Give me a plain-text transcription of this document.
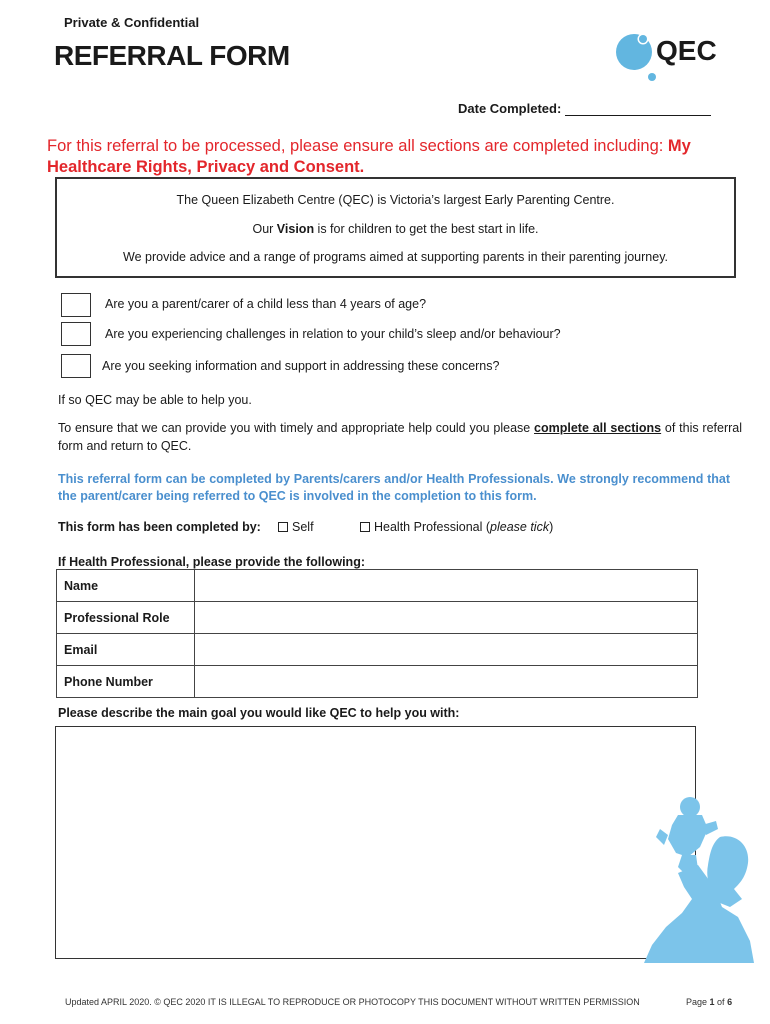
Private & Confidential
REFERRAL FORM	QEC
Date Completed:
For this referral to be processed, please ensure all sections are completed including: My Healthcare Rights, Privacy and Consent.

The Queen Elizabeth Centre (QEC) is Victoria’s largest Early Parenting Centre.

Our Vision is for children to get the best start in life.

We provide advice and a range of programs aimed at supporting parents in their parenting journey.

Are you a parent/carer of a child less than 4 years of age?
Are you experiencing challenges in relation to your child’s sleep and/or behaviour?
Are you seeking information and support in addressing these concerns?
If so QEC may be able to help you.
To ensure that we can provide you with timely and appropriate help could you please complete all sections of this referral form and return to QEC.
This referral form can be completed by Parents/carers and/or Health Professionals. We strongly recommend that the parent/carer being referred to QEC is involved in the completion to this form.
This form has been completed by:	Self	Health Professional (please tick)
If Health Professional, please provide the following:
Name	
Professional Role	
Email	
Phone Number	
Please describe the main goal you would like QEC to help you with:
Updated APRIL 2020. © QEC 2020 IT IS ILLEGAL TO REPRODUCE OR PHOTOCOPY THIS DOCUMENT WITHOUT WRITTEN PERMISSION	Page 1 of 6
